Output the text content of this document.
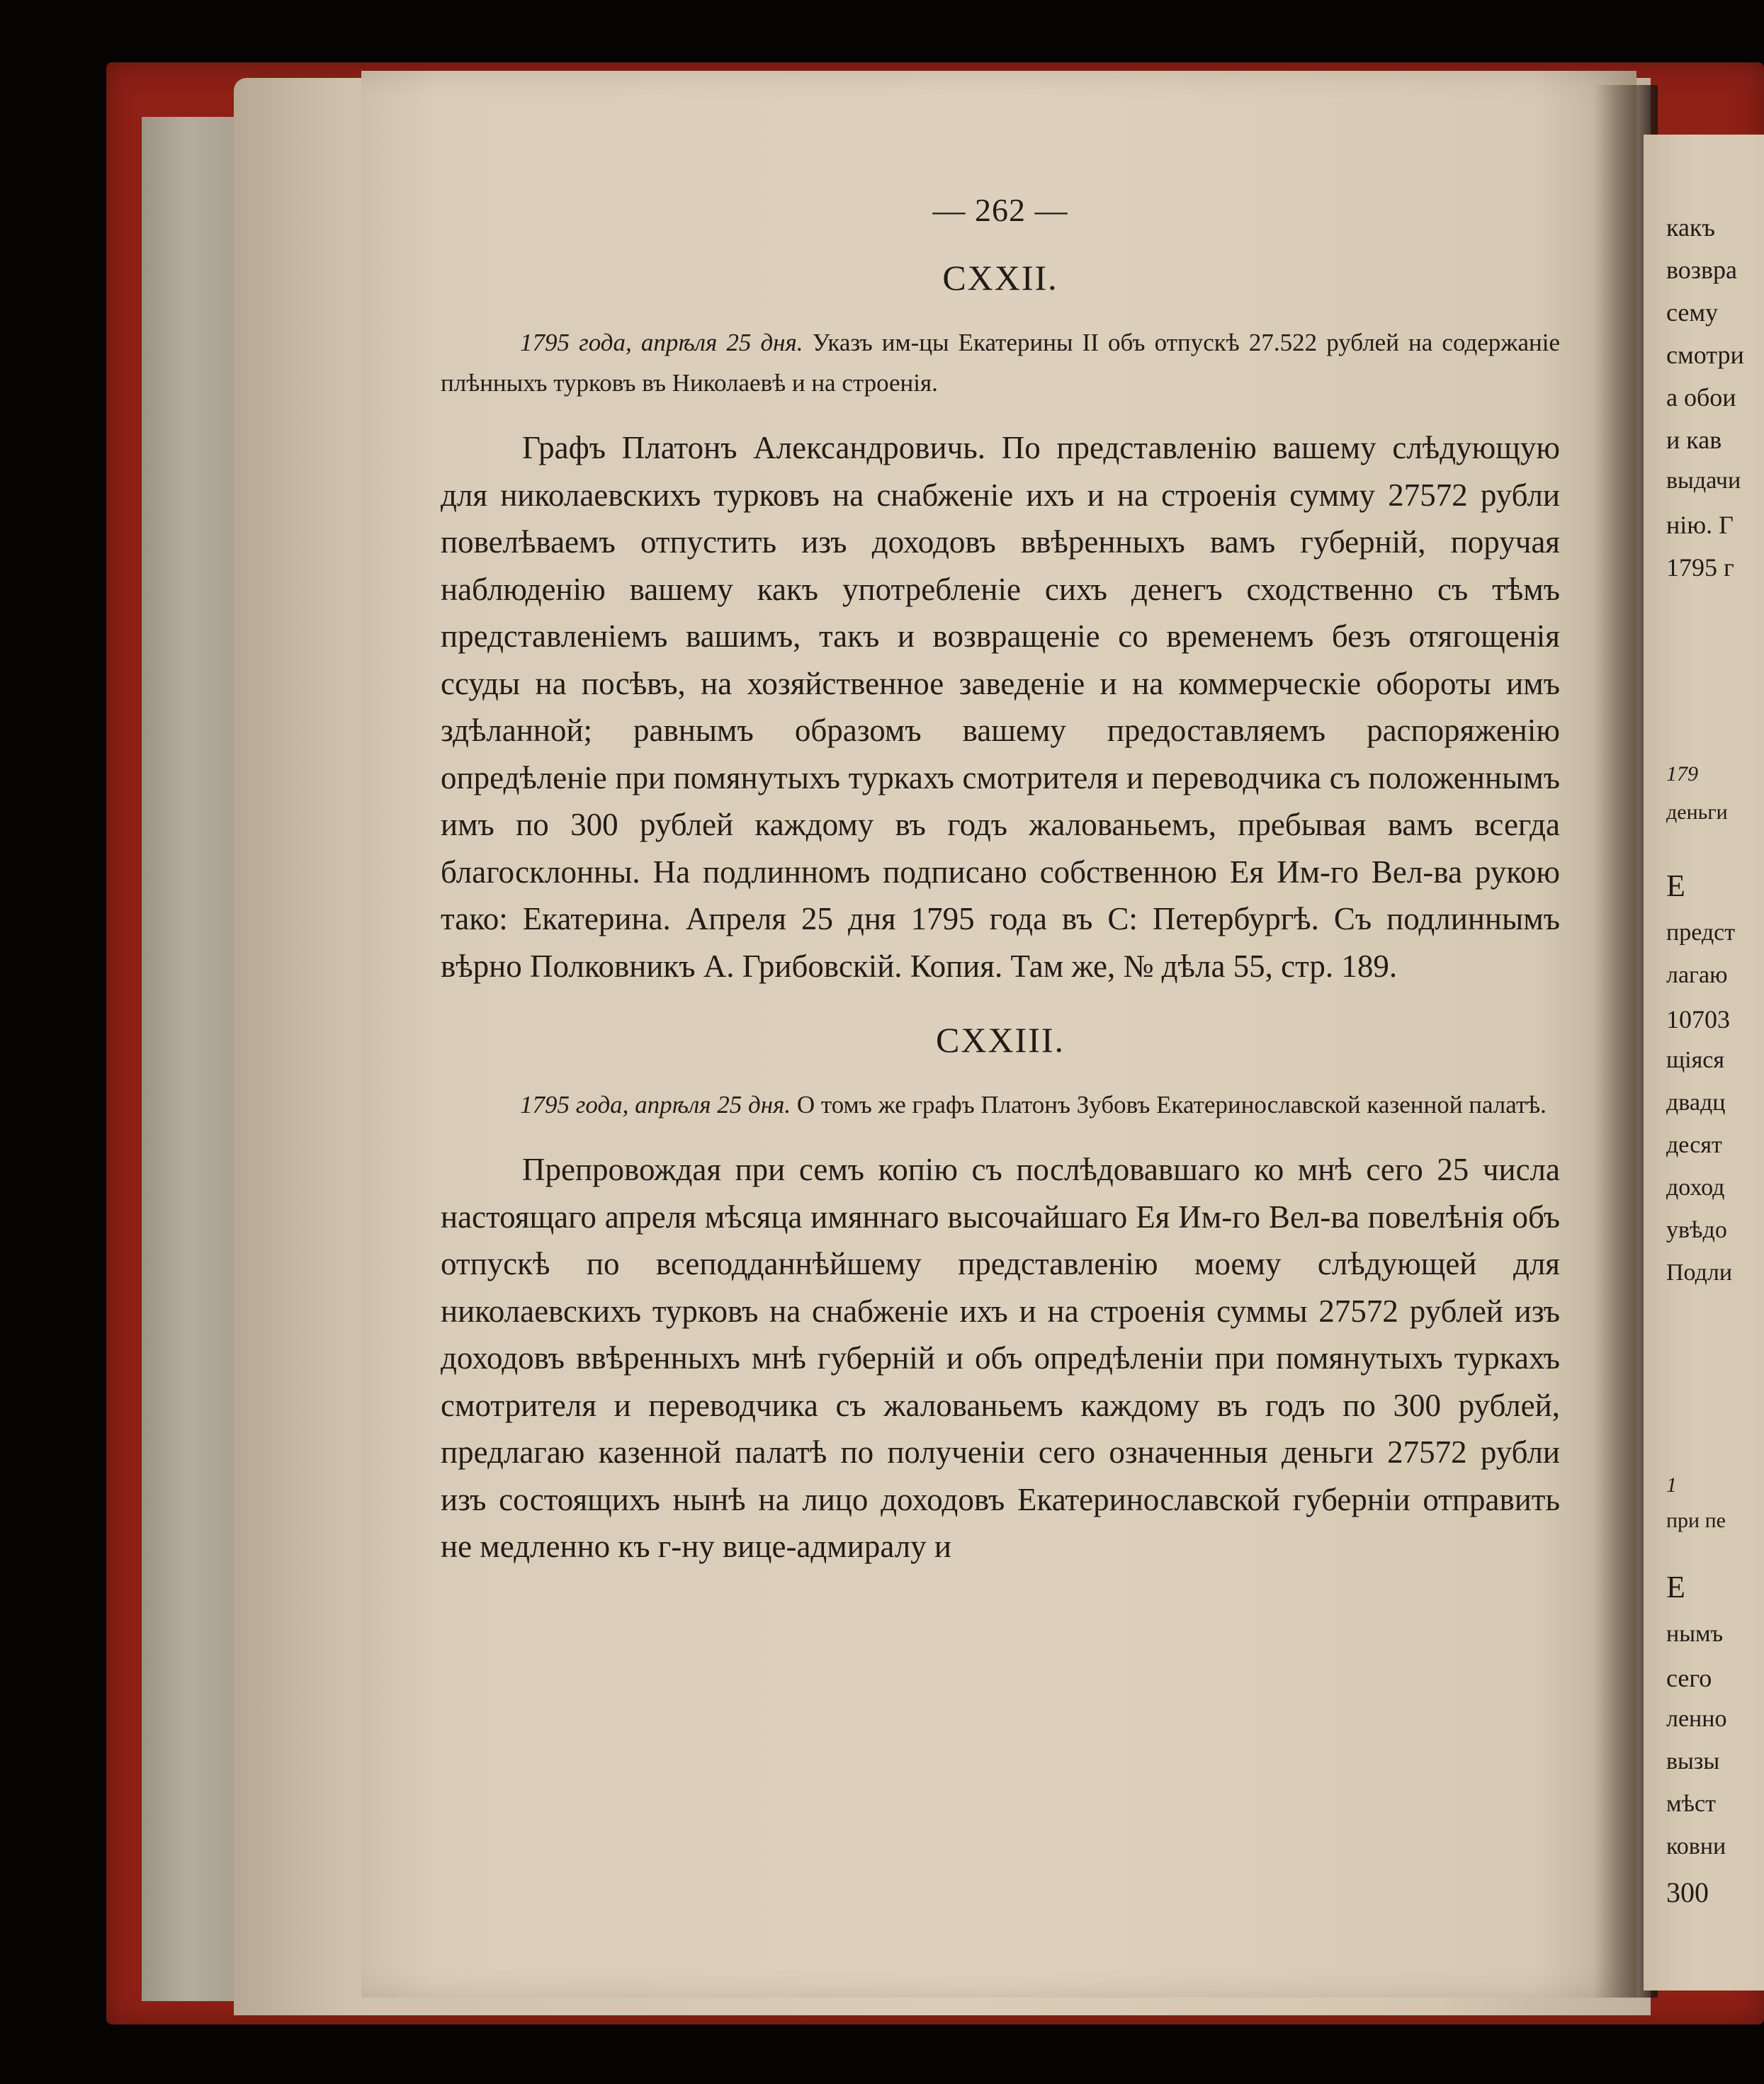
— 262 —
CXXII.

1795 года, апрѣля 25 дня. Указъ им-цы Екатерины II объ отпускѣ 27.522 рублей на содержаніе плѣнныхъ турковъ въ Николаевѣ и на строенія.

Графъ Платонъ Александровичь. По представленію вашему слѣдующую для николаевскихъ турковъ на снабженіе ихъ и на строенія сумму 27572 рубли повелѣваемъ отпустить изъ доходовъ ввѣренныхъ вамъ губерній, поручая наблюденію вашему какъ употребленіе сихъ денегъ сходственно съ тѣмъ представленіемъ вашимъ, такъ и возвращеніе со временемъ безъ отягощенія ссуды на посѣвъ, на хозяйственное заведеніе и на коммерческіе обороты имъ здѣланной; равнымъ образомъ вашему предоставляемъ распоряженію опредѣленіе при помянутыхъ туркахъ смотрителя и переводчика съ положеннымъ имъ по 300 рублей каждому въ годъ жалованьемъ, пребывая вамъ всегда благосклонны. На подлинномъ подписано собственною Ея Им-го Вел-ва рукою тако: Екатерина. Апреля 25 дня 1795 года въ С: Петербургѣ. Съ подлиннымъ вѣрно Полковникъ А. Грибовскій. Копия. Там же, № дѣла 55, стр. 189.

CXXIII.

1795 года, апрѣля 25 дня. О томъ же графъ Платонъ Зубовъ Екатеринославской казенной палатѣ.

Препровождая при семъ копію съ послѣдовавшаго ко мнѣ сего 25 числа настоящаго апреля мѣсяца имяннаго высочайшаго Ея Им-го Вел-ва повелѣнія объ отпускѣ по всеподданнѣйшему представленію моему слѣдующей для николаевскихъ турковъ на снабженіе ихъ и на строенія суммы 27572 рублей изъ доходовъ ввѣренныхъ мнѣ губерній и объ опредѣленіи при помянутыхъ туркахъ смотрителя и переводчика съ жалованьемъ каждому въ годъ по 300 рублей, предлагаю казенной палатѣ по полученіи сего означенныя деньги 27572 рубли изъ состоящихъ нынѣ на лицо доходовъ Екатеринославской губерніи отправить не медленно къ г-ну вице-адмиралу и

какъ
возвра
сему
смотри
а обои
и кав
выдачи
нію. Г
1795 г
179
деньги
Е
предст
лагаю
10703
щіяся
двадц
десят
доход
увѣдо
Подли
1
при пе
Е
нымъ
сего
ленно
вызы
мѣст
ковни
300
